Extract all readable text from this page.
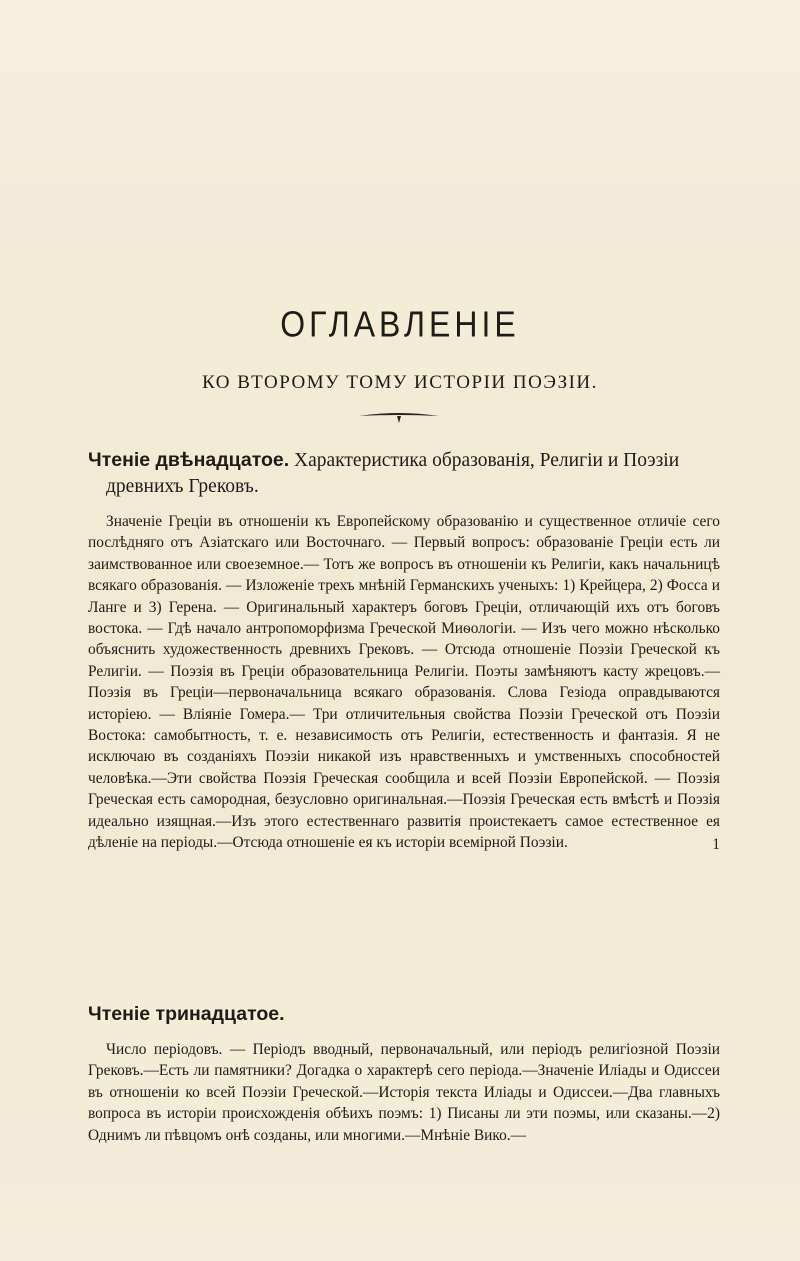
ОГЛАВЛЕНІЕ
КО ВТОРОМУ ТОМУ ИСТОРІИ ПОЭЗІИ.
Чтеніе двѣнадцатое. Характеристика образованія, Религіи и Поэзіи
древнихъ Грековъ.

Значеніе Греціи въ отношеніи къ Европейскому образованію и существенное отличіе сего послѣдняго отъ Азіатскаго или Восточнаго. — Первый вопросъ: образованіе Греціи есть ли заимствованное или своеземное.— Тотъ же вопросъ въ отношеніи къ Религіи, какъ начальницѣ всякаго образованія. — Изложеніе трехъ мнѣній Германскихъ ученыхъ: 1) Крейцера, 2) Фосса и Ланге и 3) Герена. — Оригинальный характеръ боговъ Греціи, отличающій ихъ отъ боговъ востока. — Гдѣ начало антропоморфизма Греческой Миѳологіи. — Изъ чего можно нѣсколько объяснить художественность древнихъ Грековъ. — Отсюда отношеніе Поэзіи Греческой къ Религіи. — Поэзія въ Греціи образовательница Религіи. Поэты замѣняютъ касту жрецовъ.—Поэзія въ Греціи—первоначальница всякаго образованія. Слова Гезіода оправдываются исторіею. — Вліяніе Гомера.— Три отличительныя свойства Поэзіи Греческой отъ Поэзіи Востока: самобытность, т. е. независимость отъ Религіи, естественность и фантазія. Я не исключаю въ созданіяхъ Поэзіи никакой изъ нравственныхъ и умственныхъ способностей человѣка.—Эти свойства Поэзія Греческая сообщила и всей Поэзіи Европейской. — Поэзія Греческая есть самородная, безусловно оригинальная.—Поэзія Греческая есть вмѣстѣ и Поэзія идеально изящная.—Изъ этого естественнаго развитія проистекаетъ самое естественное ея дѣленіе на періоды.—Отсюда отношеніе ея къ исторіи всемірной Поэзіи.	1
Чтеніе тринадцатое.

Число періодовъ. — Періодъ вводный, первоначальный, или періодъ религіозной Поэзіи Грековъ.—Есть ли памятники? Догадка о характерѣ сего періода.—Значеніе Иліады и Одиссеи въ отношеніи ко всей Поэзіи Греческой.—Исторія текста Иліады и Одиссеи.—Два главныхъ вопроса въ исторіи происхожденія обѣихъ поэмъ: 1) Писаны ли эти поэмы, или сказаны.—2) Однимъ ли пѣвцомъ онѣ созданы, или многими.—Мнѣніе Вико.—
